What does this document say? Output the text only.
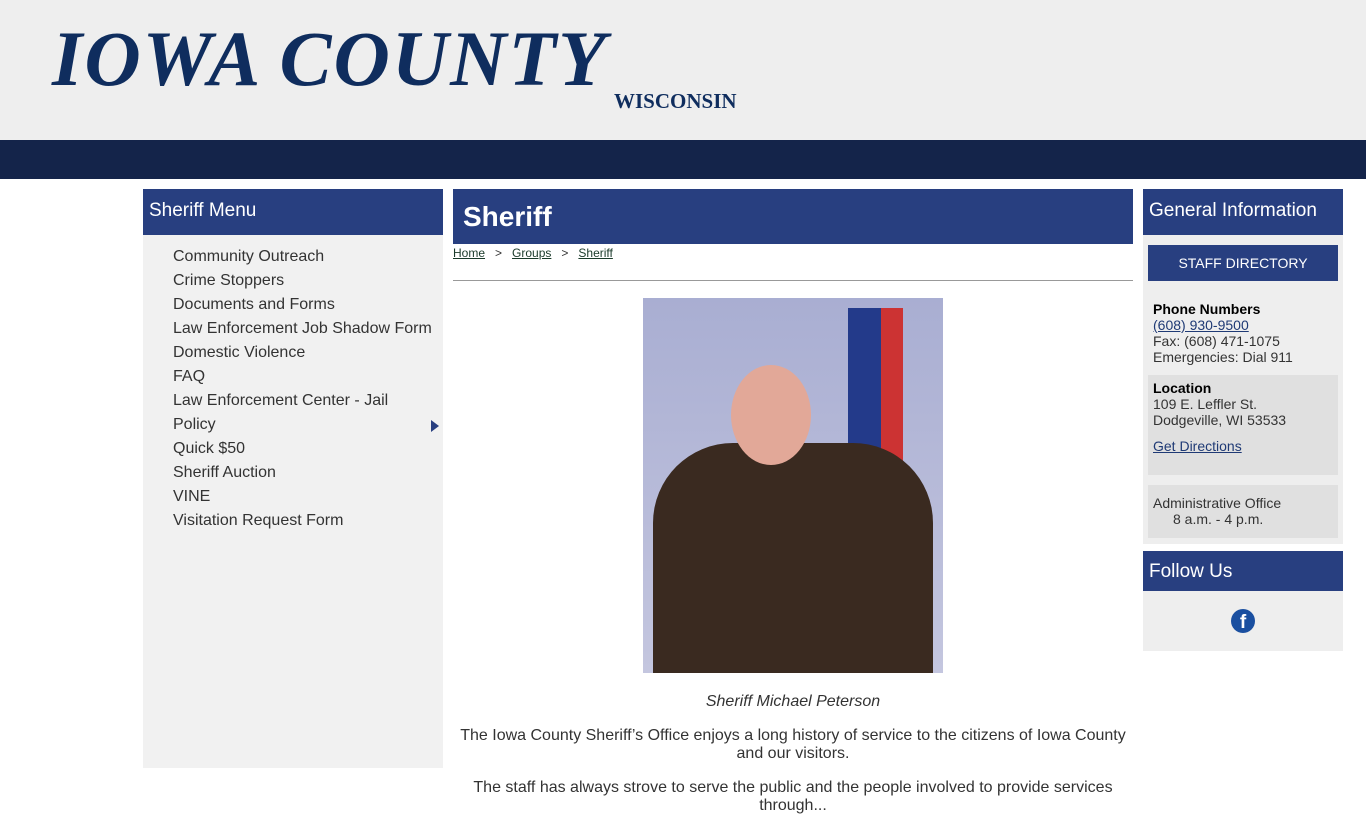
IOWA COUNTY WISCONSIN
Sheriff Menu
Community Outreach
Crime Stoppers
Documents and Forms
Law Enforcement Job Shadow Form
Domestic Violence
FAQ
Law Enforcement Center - Jail
Policy
Quick $50
Sheriff Auction
VINE
Visitation Request Form
Sheriff
Home > Groups > Sheriff
Sheriff Michael Peterson

The Iowa County Sheriff’s Office enjoys a long history of service to the citizens of Iowa County and our visitors.

The staff has always strove to serve the public and the people involved to provide services through...

General Information
STAFF DIRECTORY
Phone Numbers
(608) 930-9500
Fax: (608) 471-1075
Emergencies: Dial 911
Location
109 E. Leffler St.
Dodgeville, WI 53533

Get Directions
Administrative Office
8 a.m. - 4 p.m.
Follow Us
f
